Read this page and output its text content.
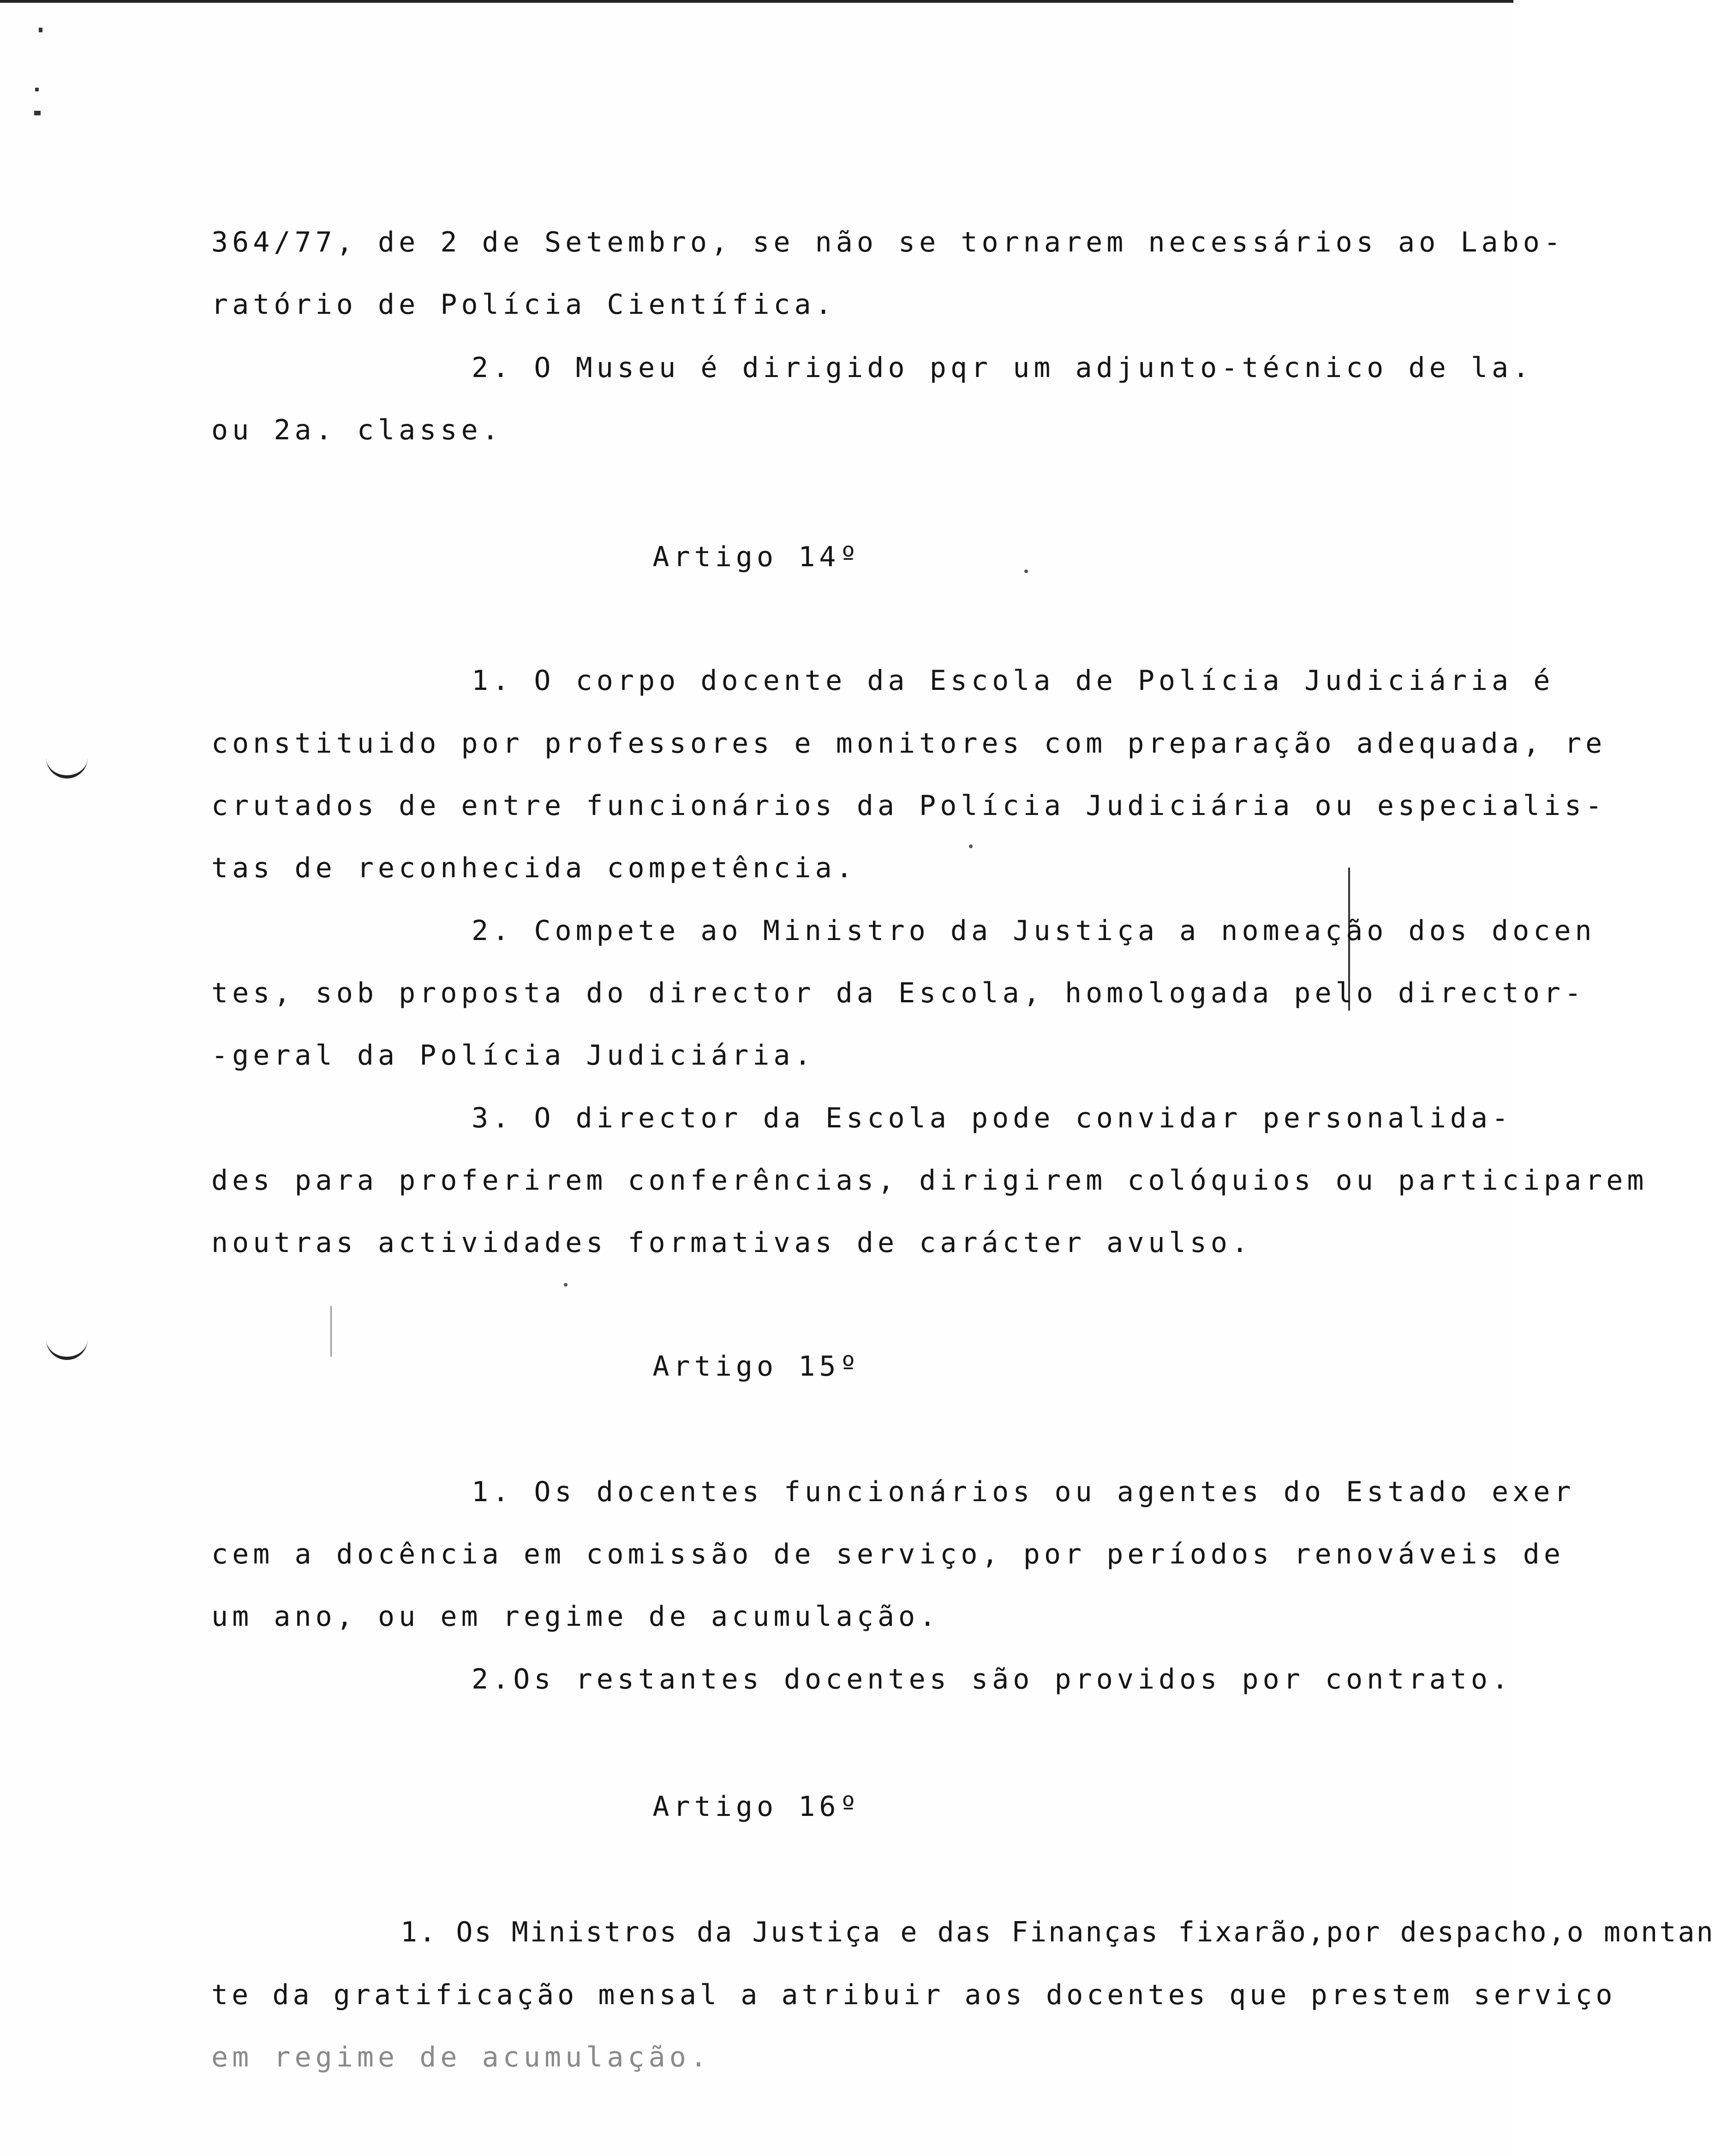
364/77, de 2 de Setembro, se não se tornarem necessários ao Labo-
ratório de Polícia Científica.
2. O Museu é dirigido pqr um adjunto-técnico de la.
ou 2a. classe.
Artigo 14º
1. O corpo docente da Escola de Polícia Judiciária é
constituido por professores e monitores com preparação adequada, re
crutados de entre funcionários da Polícia Judiciária ou especialis-
tas de reconhecida competência.
2. Compete ao Ministro da Justiça a nomeação dos docen
tes, sob proposta do director da Escola, homologada pelo director-
-geral da Polícia Judiciária.
3. O director da Escola pode convidar personalida-
des para proferirem conferências, dirigirem colóquios ou participarem
noutras actividades formativas de carácter avulso.
Artigo 15º
1. Os docentes funcionários ou agentes do Estado exer
cem a docência em comissão de serviço, por períodos renováveis de
um ano, ou em regime de acumulação.
2.Os restantes docentes são providos por contrato.
Artigo 16º
1. Os Ministros da Justiça e das Finanças fixarão,por despacho,o montan
te da gratificação mensal a atribuir aos docentes que prestem serviço
em regime de acumulação.
